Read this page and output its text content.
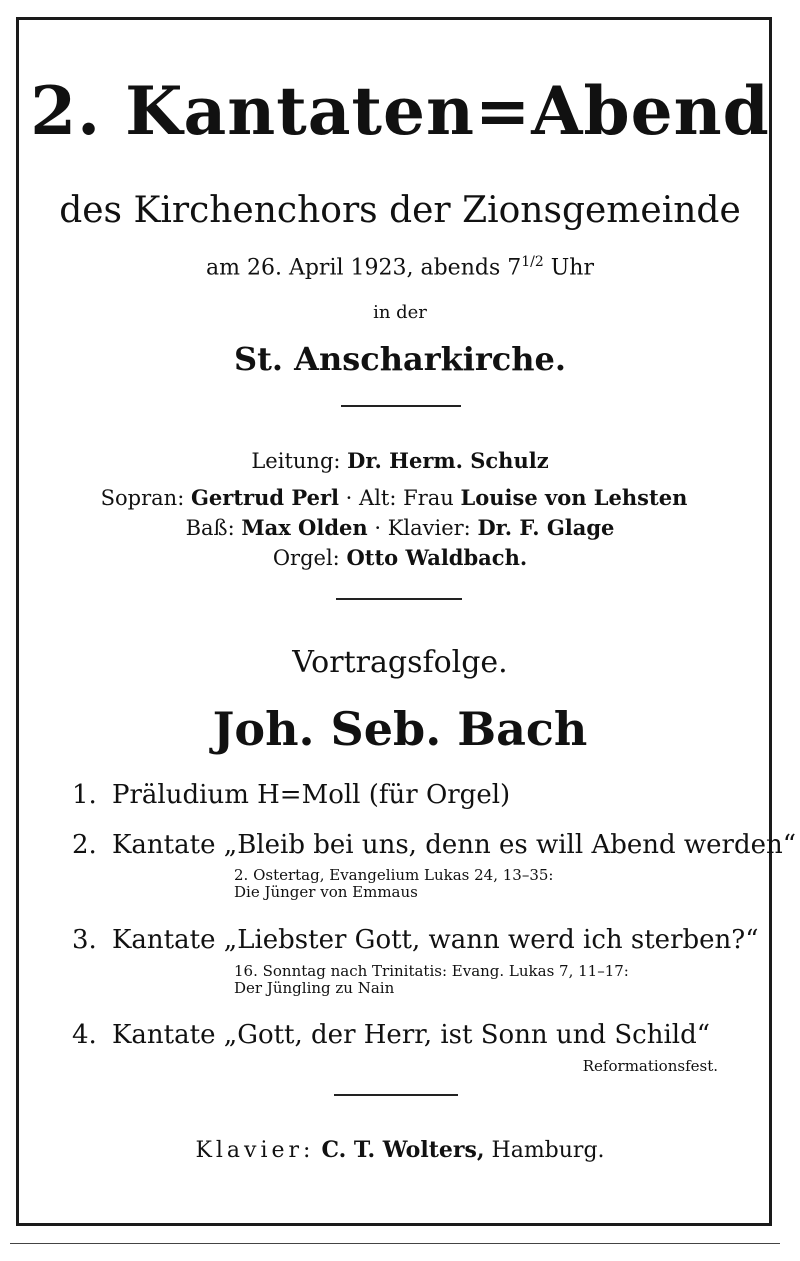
2. Kantaten=Abend
des Kirchenchors der Zionsgemeinde
am 26. April 1923, abends $7^{1/2}$ Uhr
in der
St. Anscharkirche.
Leitung: Dr. Herm. Schulz
Sopran: Gertrud Perl · Alt: Frau Louise von Lehsten
Baß: Max Olden · Klavier: Dr. F. Glage
Orgel: Otto Waldbach.
Vortragsfolge.
Joh. Seb. Bach
1. Präludium H=Moll (für Orgel)
2. Kantate „Bleib bei uns, denn es will Abend werden“
2. Ostertag, Evangelium Lukas 24, 13–35:
Die Jünger von Emmaus
3. Kantate „Liebster Gott, wann werd ich sterben?“
16. Sonntag nach Trinitatis: Evang. Lukas 7, 11–17:
Der Jüngling zu Nain
4. Kantate „Gott, der Herr, ist Sonn und Schild“
Reformationsfest.
Klavier: C. T. Wolters, Hamburg.
